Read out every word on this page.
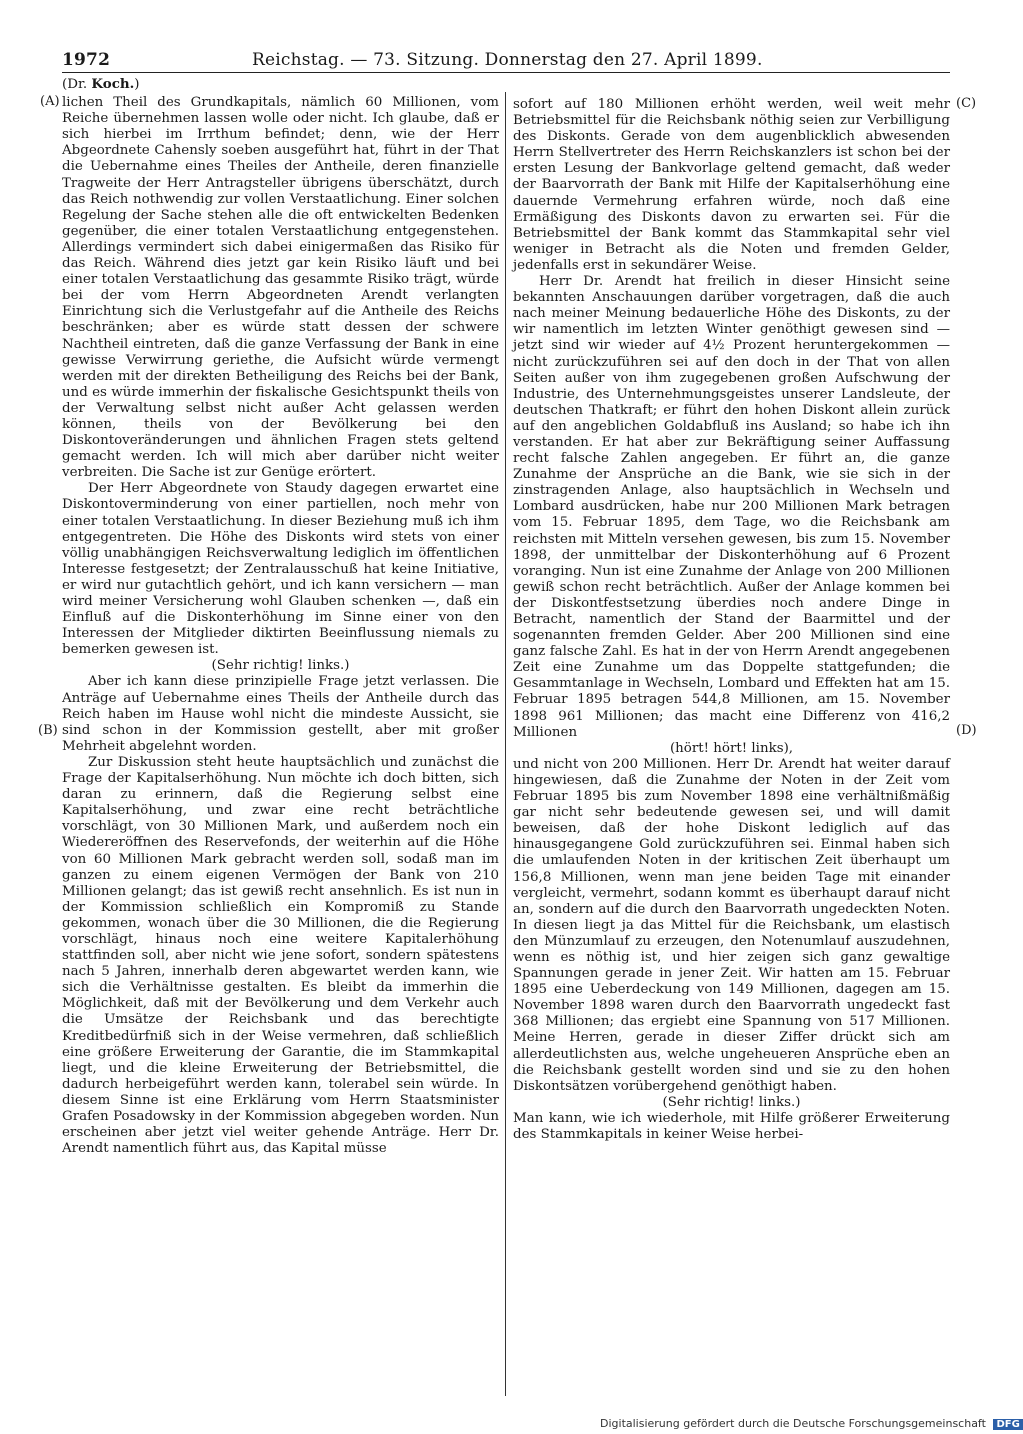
1972	Reichstag. — 73. Sitzung. Donnerstag den 27. April 1899.
(A)
(B)
(C)
(D)
(Dr. Koch.)

lichen Theil des Grundkapitals, nämlich 60 Millionen, vom Reiche übernehmen lassen wolle oder nicht. Ich glaube, daß er sich hierbei im Irrthum befindet; denn, wie der Herr Abgeordnete Cahensly soeben ausgeführt hat, führt in der That die Uebernahme eines Theiles der Antheile, deren finanzielle Tragweite der Herr Antragsteller übrigens überschätzt, durch das Reich nothwendig zur vollen Verstaatlichung. Einer solchen Regelung der Sache stehen alle die oft entwickelten Bedenken gegenüber, die einer totalen Verstaatlichung entgegenstehen. Allerdings vermindert sich dabei einigermaßen das Risiko für das Reich. Während dies jetzt gar kein Risiko läuft und bei einer totalen Verstaatlichung das gesammte Risiko trägt, würde bei der vom Herrn Abgeordneten Arendt verlangten Einrichtung sich die Verlustgefahr auf die Antheile des Reichs beschränken; aber es würde statt dessen der schwere Nachtheil eintreten, daß die ganze Verfassung der Bank in eine gewisse Verwirrung geriethe, die Aufsicht würde vermengt werden mit der direkten Betheiligung des Reichs bei der Bank, und es würde immerhin der fiskalische Gesichtspunkt theils von der Verwaltung selbst nicht außer Acht gelassen werden können, theils von der Bevölkerung bei den Diskontoveränderungen und ähnlichen Fragen stets geltend gemacht werden. Ich will mich aber darüber nicht weiter verbreiten. Die Sache ist zur Genüge erörtert.

Der Herr Abgeordnete von Staudy dagegen erwartet eine Diskontoverminderung von einer partiellen, noch mehr von einer totalen Verstaatlichung. In dieser Beziehung muß ich ihm entgegentreten. Die Höhe des Diskonts wird stets von einer völlig unabhängigen Reichsverwaltung lediglich im öffentlichen Interesse festgesetzt; der Zentralausschuß hat keine Initiative, er wird nur gutachtlich gehört, und ich kann versichern — man wird meiner Versicherung wohl Glauben schenken —, daß ein Einfluß auf die Diskonterhöhung im Sinne einer von den Interessen der Mitglieder diktirten Beeinflussung niemals zu bemerken gewesen ist.

(Sehr richtig! links.)

Aber ich kann diese prinzipielle Frage jetzt verlassen. Die Anträge auf Uebernahme eines Theils der Antheile durch das Reich haben im Hause wohl nicht die mindeste Aussicht, sie sind schon in der Kommission gestellt, aber mit großer Mehrheit abgelehnt worden.

Zur Diskussion steht heute hauptsächlich und zunächst die Frage der Kapitalserhöhung. Nun möchte ich doch bitten, sich daran zu erinnern, daß die Regierung selbst eine Kapitalserhöhung, und zwar eine recht beträchtliche vorschlägt, von 30 Millionen Mark, und außerdem noch ein Wiedereröffnen des Reservefonds, der weiterhin auf die Höhe von 60 Millionen Mark gebracht werden soll, sodaß man im ganzen zu einem eigenen Vermögen der Bank von 210 Millionen gelangt; das ist gewiß recht ansehnlich. Es ist nun in der Kommission schließlich ein Kompromiß zu Stande gekommen, wonach über die 30 Millionen, die die Regierung vorschlägt, hinaus noch eine weitere Kapitalerhöhung stattfinden soll, aber nicht wie jene sofort, sondern spätestens nach 5 Jahren, innerhalb deren abgewartet werden kann, wie sich die Verhältnisse gestalten. Es bleibt da immerhin die Möglichkeit, daß mit der Bevölkerung und dem Verkehr auch die Umsätze der Reichsbank und das berechtigte Kreditbedürfniß sich in der Weise vermehren, daß schließlich eine größere Erweiterung der Garantie, die im Stammkapital liegt, und die kleine Erweiterung der Betriebsmittel, die dadurch herbeigeführt werden kann, tolerabel sein würde. In diesem Sinne ist eine Erklärung vom Herrn Staatsminister Grafen Posadowsky in der Kommission abgegeben worden. Nun erscheinen aber jetzt viel weiter gehende Anträge. Herr Dr. Arendt namentlich führt aus, das Kapital müsse

sofort auf 180 Millionen erhöht werden, weil weit mehr Betriebsmittel für die Reichsbank nöthig seien zur Verbilligung des Diskonts. Gerade von dem augenblicklich abwesenden Herrn Stellvertreter des Herrn Reichskanzlers ist schon bei der ersten Lesung der Bankvorlage geltend gemacht, daß weder der Baarvorrath der Bank mit Hilfe der Kapitalserhöhung eine dauernde Vermehrung erfahren würde, noch daß eine Ermäßigung des Diskonts davon zu erwarten sei. Für die Betriebsmittel der Bank kommt das Stammkapital sehr viel weniger in Betracht als die Noten und fremden Gelder, jedenfalls erst in sekundärer Weise.

Herr Dr. Arendt hat freilich in dieser Hinsicht seine bekannten Anschauungen darüber vorgetragen, daß die auch nach meiner Meinung bedauerliche Höhe des Diskonts, zu der wir namentlich im letzten Winter genöthigt gewesen sind — jetzt sind wir wieder auf 4½ Prozent heruntergekommen — nicht zurückzuführen sei auf den doch in der That von allen Seiten außer von ihm zugegebenen großen Aufschwung der Industrie, des Unternehmungsgeistes unserer Landsleute, der deutschen Thatkraft; er führt den hohen Diskont allein zurück auf den angeblichen Goldabfluß ins Ausland; so habe ich ihn verstanden. Er hat aber zur Bekräftigung seiner Auffassung recht falsche Zahlen angegeben. Er führt an, die ganze Zunahme der Ansprüche an die Bank, wie sie sich in der zinstragenden Anlage, also hauptsächlich in Wechseln und Lombard ausdrücken, habe nur 200 Millionen Mark betragen vom 15. Februar 1895, dem Tage, wo die Reichsbank am reichsten mit Mitteln versehen gewesen, bis zum 15. November 1898, der unmittelbar der Diskonterhöhung auf 6 Prozent voranging. Nun ist eine Zunahme der Anlage von 200 Millionen gewiß schon recht beträchtlich. Außer der Anlage kommen bei der Diskontfestsetzung überdies noch andere Dinge in Betracht, namentlich der Stand der Baarmittel und der sogenannten fremden Gelder. Aber 200 Millionen sind eine ganz falsche Zahl. Es hat in der von Herrn Arendt angegebenen Zeit eine Zunahme um das Doppelte stattgefunden; die Gesammtanlage in Wechseln, Lombard und Effekten hat am 15. Februar 1895 betragen 544,8 Millionen, am 15. November 1898 961 Millionen; das macht eine Differenz von 416,2 Millionen

(hört! hört! links),

und nicht von 200 Millionen. Herr Dr. Arendt hat weiter darauf hingewiesen, daß die Zunahme der Noten in der Zeit vom Februar 1895 bis zum November 1898 eine verhältnißmäßig gar nicht sehr bedeutende gewesen sei, und will damit beweisen, daß der hohe Diskont lediglich auf das hinausgegangene Gold zurückzuführen sei. Einmal haben sich die umlaufenden Noten in der kritischen Zeit überhaupt um 156,8 Millionen, wenn man jene beiden Tage mit einander vergleicht, vermehrt, sodann kommt es überhaupt darauf nicht an, sondern auf die durch den Baarvorrath ungedeckten Noten. In diesen liegt ja das Mittel für die Reichsbank, um elastisch den Münzumlauf zu erzeugen, den Notenumlauf auszudehnen, wenn es nöthig ist, und hier zeigen sich ganz gewaltige Spannungen gerade in jener Zeit. Wir hatten am 15. Februar 1895 eine Ueberdeckung von 149 Millionen, dagegen am 15. November 1898 waren durch den Baarvorrath ungedeckt fast 368 Millionen; das ergiebt eine Spannung von 517 Millionen. Meine Herren, gerade in dieser Ziffer drückt sich am allerdeutlichsten aus, welche ungeheueren Ansprüche eben an die Reichsbank gestellt worden sind und sie zu den hohen Diskontsätzen vorübergehend genöthigt haben.

(Sehr richtig! links.)

Man kann, wie ich wiederhole, mit Hilfe größerer Erweiterung des Stammkapitals in keiner Weise herbei-

Digitalisierung gefördert durch die Deutsche Forschungsgemeinschaft DFG
